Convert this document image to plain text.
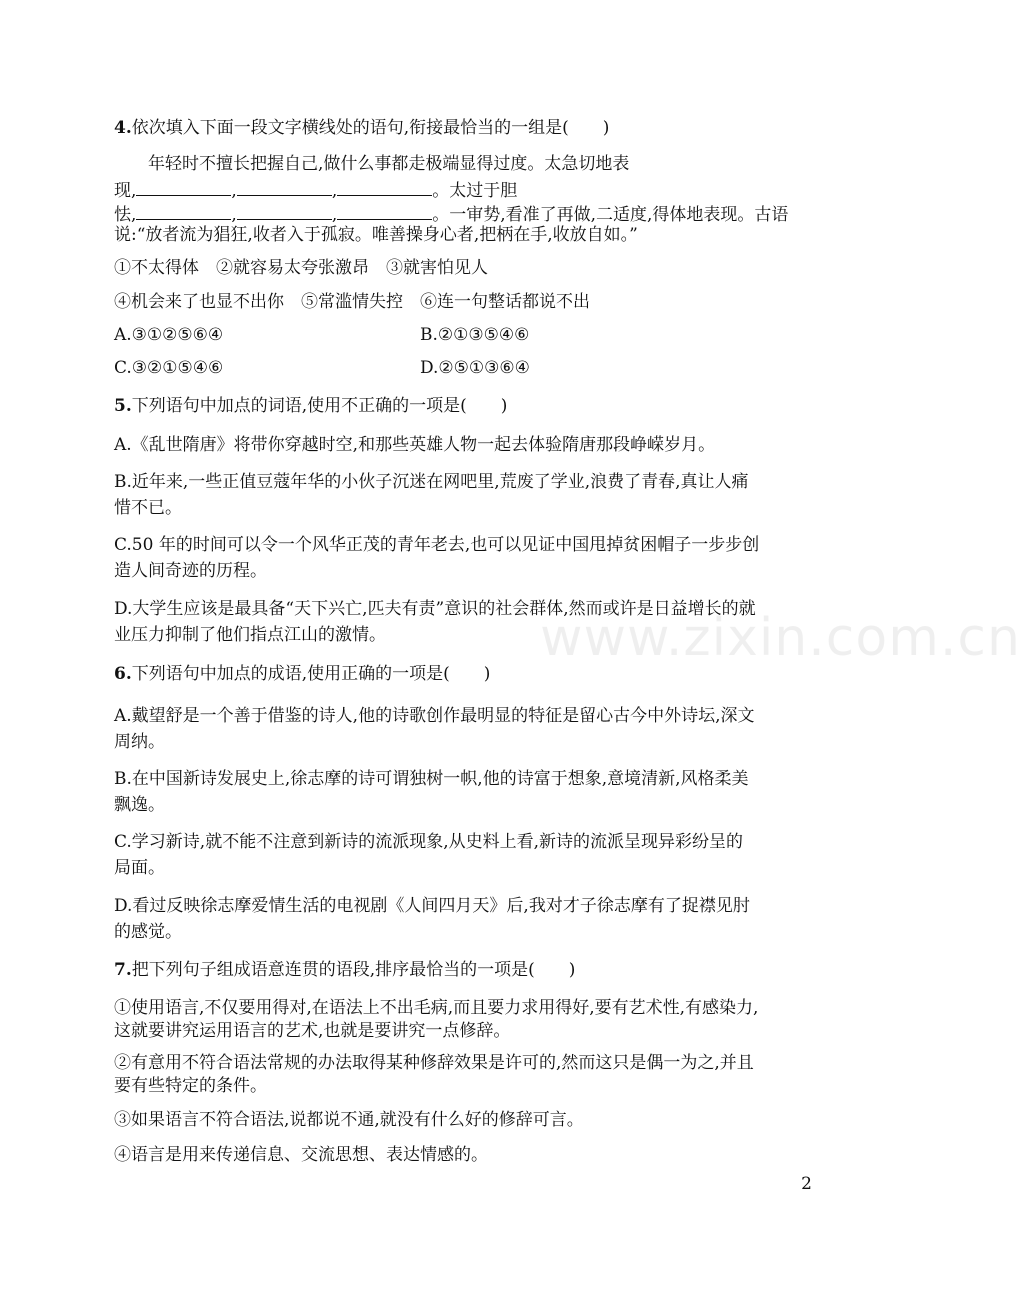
4.依次填入下面一段文字横线处的语句,衔接最恰当的一组是(　　)
年轻时不擅长把握自己,做什么事都走极端显得过度。太急切地表
现,	,	,	。太过于胆
怯,	,	,	。一审势,看准了再做,二适度,得体地表现。古语
说:“放者流为猖狂,收者入于孤寂。唯善操身心者,把柄在手,收放自如。”
①不太得体　②就容易太夸张激昂　③就害怕见人
④机会来了也显不出你　⑤常滥情失控　⑥连一句整话都说不出
A.③①②⑤⑥④	B.②①③⑤④⑥
C.③②①⑤④⑥	D.②⑤①③⑥④
5.下列语句中加点的词语,使用不正确的一项是(　　)
A.《乱世隋唐》将带你穿越时空,和那些英雄人物一起去体验隋唐那段峥嵘岁月。
B.近年来,一些正值豆蔻年华的小伙子沉迷在网吧里,荒废了学业,浪费了青春,真让人痛
惜不已。
C.50 年的时间可以令一个风华正茂的青年老去,也可以见证中国甩掉贫困帽子一步步创
造人间奇迹的历程。
D.大学生应该是最具备“天下兴亡,匹夫有责”意识的社会群体,然而或许是日益增长的就
业压力抑制了他们指点江山的激情。
6.下列语句中加点的成语,使用正确的一项是(　　)
A.戴望舒是一个善于借鉴的诗人,他的诗歌创作最明显的特征是留心古今中外诗坛,深文
周纳。
B.在中国新诗发展史上,徐志摩的诗可谓独树一帜,他的诗富于想象,意境清新,风格柔美
飘逸。
C.学习新诗,就不能不注意到新诗的流派现象,从史料上看,新诗的流派呈现异彩纷呈的
局面。
D.看过反映徐志摩爱情生活的电视剧《人间四月天》后,我对才子徐志摩有了捉襟见肘
的感觉。
7.把下列句子组成语意连贯的语段,排序最恰当的一项是(　　)
①使用语言,不仅要用得对,在语法上不出毛病,而且要力求用得好,要有艺术性,有感染力,
这就要讲究运用语言的艺术,也就是要讲究一点修辞。
②有意用不符合语法常规的办法取得某种修辞效果是许可的,然而这只是偶一为之,并且
要有些特定的条件。
③如果语言不符合语法,说都说不通,就没有什么好的修辞可言。
④语言是用来传递信息、交流思想、表达情感的。
www.zixin.com.cn
2
